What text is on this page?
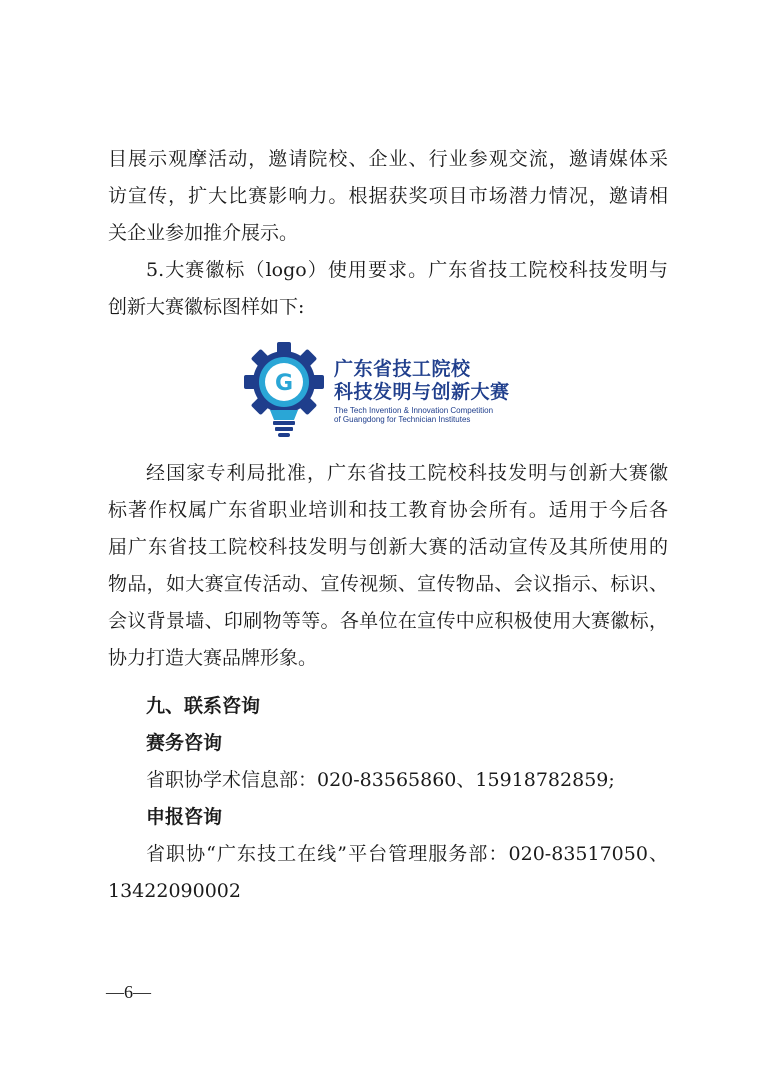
目展示观摩活动，邀请院校、企业、行业参观交流，邀请媒体采
访宣传，扩大比赛影响力。根据获奖项目市场潜力情况，邀请相
关企业参加推介展示。
5.大赛徽标（logo）使用要求。广东省技工院校科技发明与
创新大赛徽标图样如下:
G
广东省技工院校
科技发明与创新大赛
The Tech Invention & Innovation Competition
of Guangdong for Technician Institutes
经国家专利局批准，广东省技工院校科技发明与创新大赛徽
标著作权属广东省职业培训和技工教育协会所有。适用于今后各
届广东省技工院校科技发明与创新大赛的活动宣传及其所使用的
物品，如大赛宣传活动、宣传视频、宣传物品、会议指示、标识、
会议背景墙、印刷物等等。各单位在宣传中应积极使用大赛徽标，
协力打造大赛品牌形象。
九、联系咨询
赛务咨询
省职协学术信息部：020-83565860、15918782859;
申报咨询
省职协“广东技工在线”平台管理服务部：020-83517050、
13422090002
—6—
